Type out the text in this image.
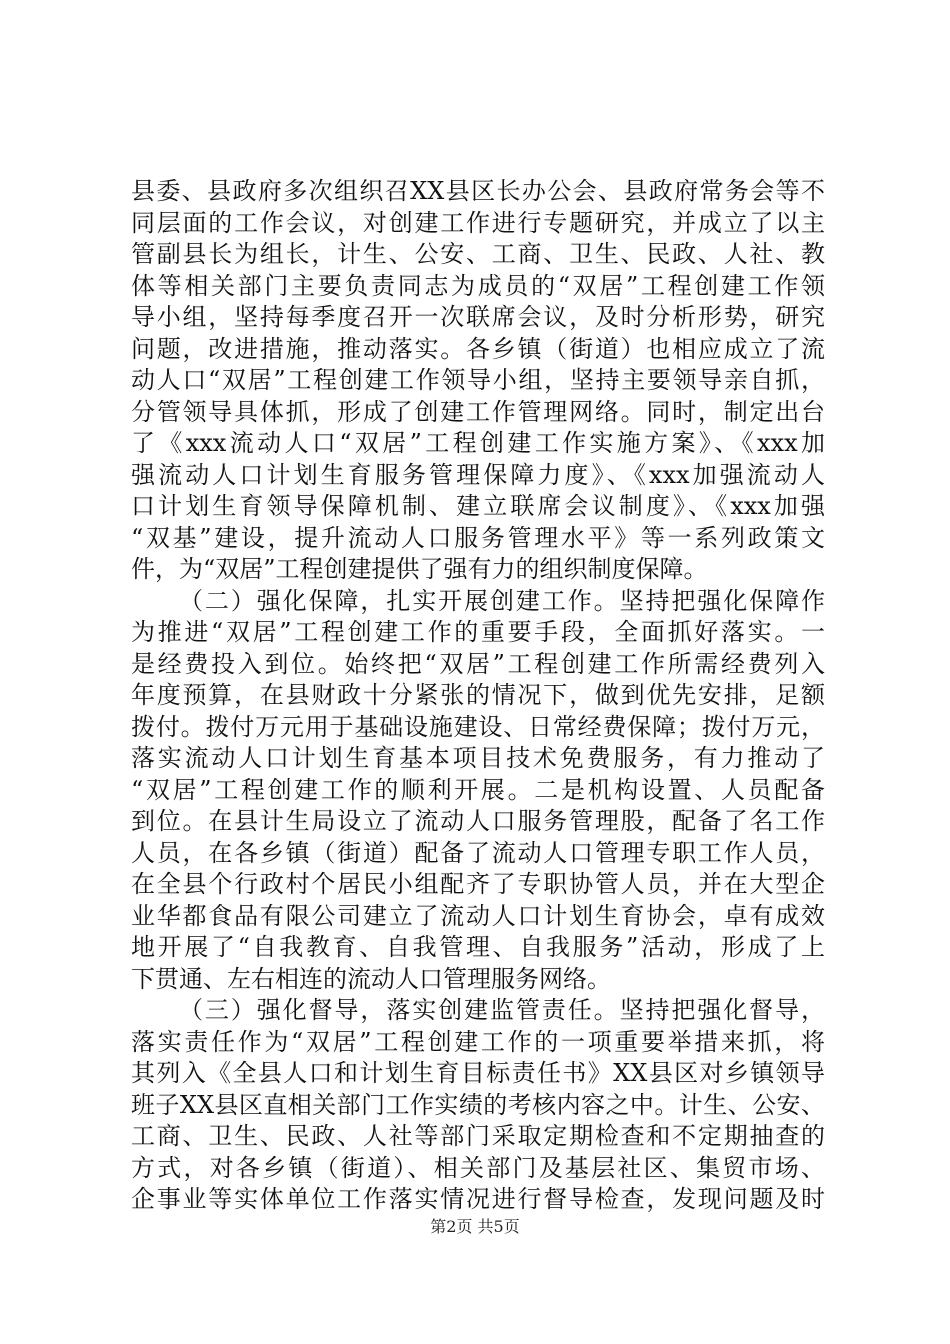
县委、县政府多次组织召XX县区长办公会、县政府常务会等不
同层面的工作会议，对创建工作进行专题研究，并成立了以主
管副县长为组长，计生、公安、工商、卫生、民政、人社、教
体等相关部门主要负责同志为成员的“双居”工程创建工作领
导小组，坚持每季度召开一次联席会议，及时分析形势，研究
问题，改进措施，推动落实。各乡镇（街道）也相应成立了流
动人口“双居”工程创建工作领导小组，坚持主要领导亲自抓，
分管领导具体抓，形成了创建工作管理网络。同时，制定出台
了《xxx流动人口“双居”工程创建工作实施方案》、《xxx加
强流动人口计划生育服务管理保障力度》、《xxx加强流动人
口计划生育领导保障机制、建立联席会议制度》、《xxx加强
“双基”建设，提升流动人口服务管理水平》等一系列政策文
件，为“双居”工程创建提供了强有力的组织制度保障。
（二）强化保障，扎实开展创建工作。坚持把强化保障作
为推进“双居”工程创建工作的重要手段，全面抓好落实。一
是经费投入到位。始终把“双居”工程创建工作所需经费列入
年度预算，在县财政十分紧张的情况下，做到优先安排，足额
拨付。拨付万元用于基础设施建设、日常经费保障；拨付万元，
落实流动人口计划生育基本项目技术免费服务，有力推动了
“双居”工程创建工作的顺利开展。二是机构设置、人员配备
到位。在县计生局设立了流动人口服务管理股，配备了名工作
人员，在各乡镇（街道）配备了流动人口管理专职工作人员，
在全县个行政村个居民小组配齐了专职协管人员，并在大型企
业华都食品有限公司建立了流动人口计划生育协会，卓有成效
地开展了“自我教育、自我管理、自我服务”活动，形成了上
下贯通、左右相连的流动人口管理服务网络。
（三）强化督导，落实创建监管责任。坚持把强化督导，
落实责任作为“双居”工程创建工作的一项重要举措来抓，将
其列入《全县人口和计划生育目标责任书》XX县区对乡镇领导
班子XX县区直相关部门工作实绩的考核内容之中。计生、公安、
工商、卫生、民政、人社等部门采取定期检查和不定期抽查的
方式，对各乡镇（街道）、相关部门及基层社区、集贸市场、
企事业等实体单位工作落实情况进行督导检查，发现问题及时
第2页 共5页
